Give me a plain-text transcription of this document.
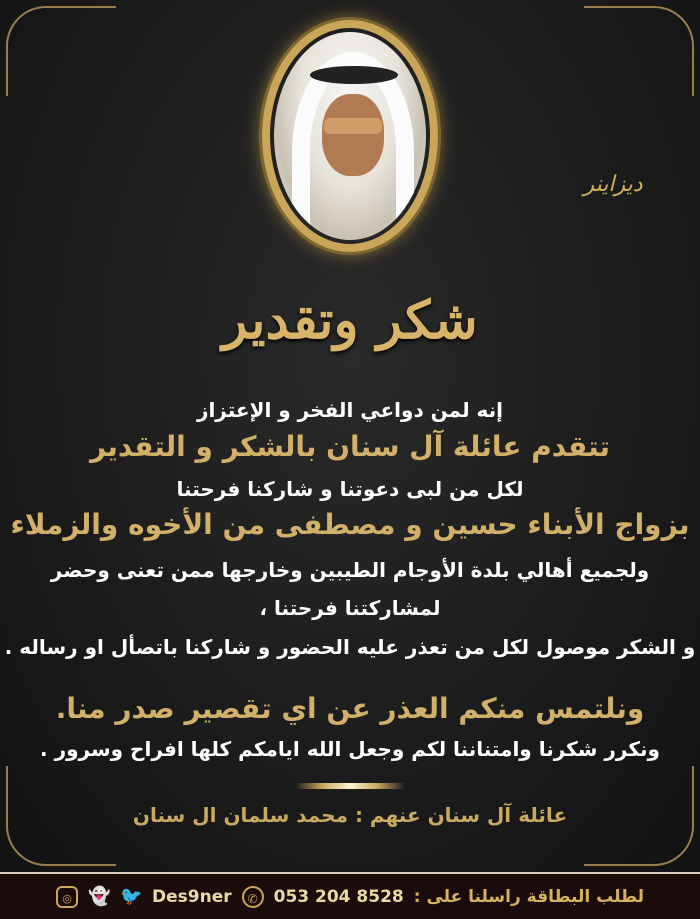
ديزاينر
شكر وتقدير
إنه لمن دواعي الفخر و الإعتزاز
تتقدم عائلة آل سنان بالشكر و التقدير
لكل من لبى دعوتنا و شاركنا فرحتنا
بزواج الأبناء حسين و مصطفى من الأخوه والزملاء
ولجميع أهالي بلدة الأوجام الطيبين وخارجها ممن تعنى وحضر
لمشاركتنا فرحتنا ،
و الشكر موصول لكل من تعذر عليه الحضور و شاركنا باتصأل او رساله .
ونلتمس منكم العذر عن اي تقصير صدر منا.
ونكرر شكرنا وامتناننا لكم وجعل الله ايامكم كلها افراح وسرور .
عائلة آل سنان عنهم : محمد سلمان ال سنان
◎ 👻 🐦 Des9ner	✆ 053 204 8528 لطلب البطاقة راسلنا على :
